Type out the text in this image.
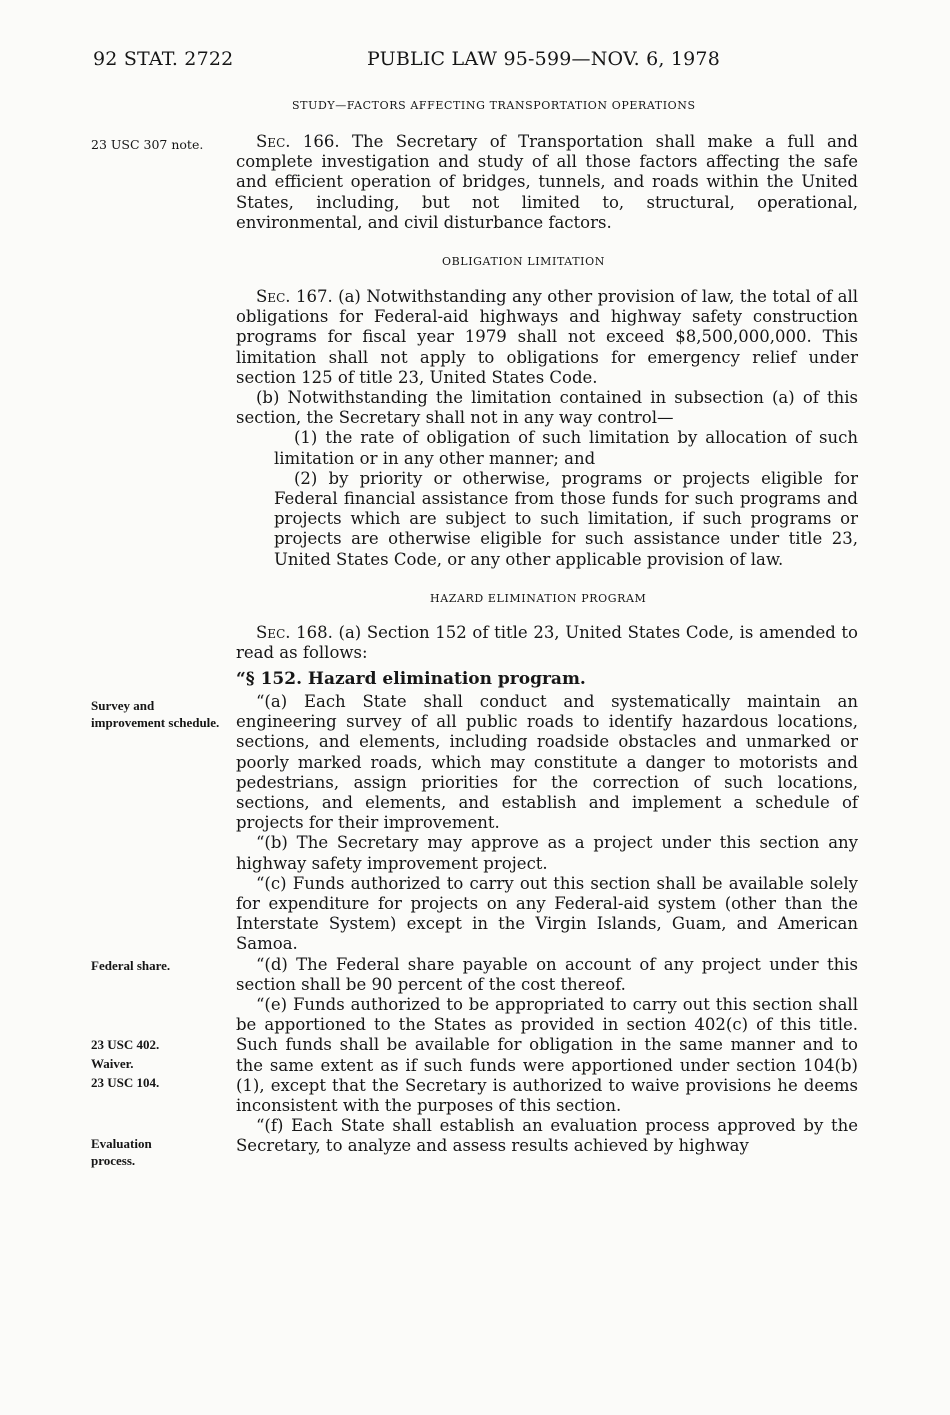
92 STAT. 2722	PUBLIC LAW 95-599—NOV. 6, 1978
STUDY—FACTORS AFFECTING TRANSPORTATION OPERATIONS
23 USC 307 note.	Sec. 166. The Secretary of Transportation shall make a full and complete investigation and study of all those factors affecting the safe and efficient operation of bridges, tunnels, and roads within the United States, including, but not limited to, structural, operational, environmental, and civil disturbance factors.

OBLIGATION LIMITATION

Sec. 167. (a) Notwithstanding any other provision of law, the total of all obligations for Federal-aid highways and highway safety construction programs for fiscal year 1979 shall not exceed $8,500,000,000. This limitation shall not apply to obligations for emergency relief under section 125 of title 23, United States Code.

(b) Notwithstanding the limitation contained in subsection (a) of this section, the Secretary shall not in any way control—

(1) the rate of obligation of such limitation by allocation of such limitation or in any other manner; and

(2) by priority or otherwise, programs or projects eligible for Federal financial assistance from those funds for such programs and projects which are subject to such limitation, if such programs or projects are otherwise eligible for such assistance under title 23, United States Code, or any other applicable provision of law.

HAZARD ELIMINATION PROGRAM

Sec. 168. (a) Section 152 of title 23, United States Code, is amended to read as follows:

“§ 152. Hazard elimination program.
Survey and improvement schedule.
Federal share.
23 USC 402.
Waiver.
23 USC 104.
Evaluation process.

“(a) Each State shall conduct and systematically maintain an engineering survey of all public roads to identify hazardous locations, sections, and elements, including roadside obstacles and unmarked or poorly marked roads, which may constitute a danger to motorists and pedestrians, assign priorities for the correction of such locations, sections, and elements, and establish and implement a schedule of projects for their improvement.

“(b) The Secretary may approve as a project under this section any highway safety improvement project.

“(c) Funds authorized to carry out this section shall be available solely for expenditure for projects on any Federal-aid system (other than the Interstate System) except in the Virgin Islands, Guam, and American Samoa.

“(d) The Federal share payable on account of any project under this section shall be 90 percent of the cost thereof.

“(e) Funds authorized to be appropriated to carry out this section shall be apportioned to the States as provided in section 402(c) of this title. Such funds shall be available for obligation in the same manner and to the same extent as if such funds were apportioned under section 104(b)(1), except that the Secretary is authorized to waive provisions he deems inconsistent with the purposes of this section.

“(f) Each State shall establish an evaluation process approved by the Secretary, to analyze and assess results achieved by highway
